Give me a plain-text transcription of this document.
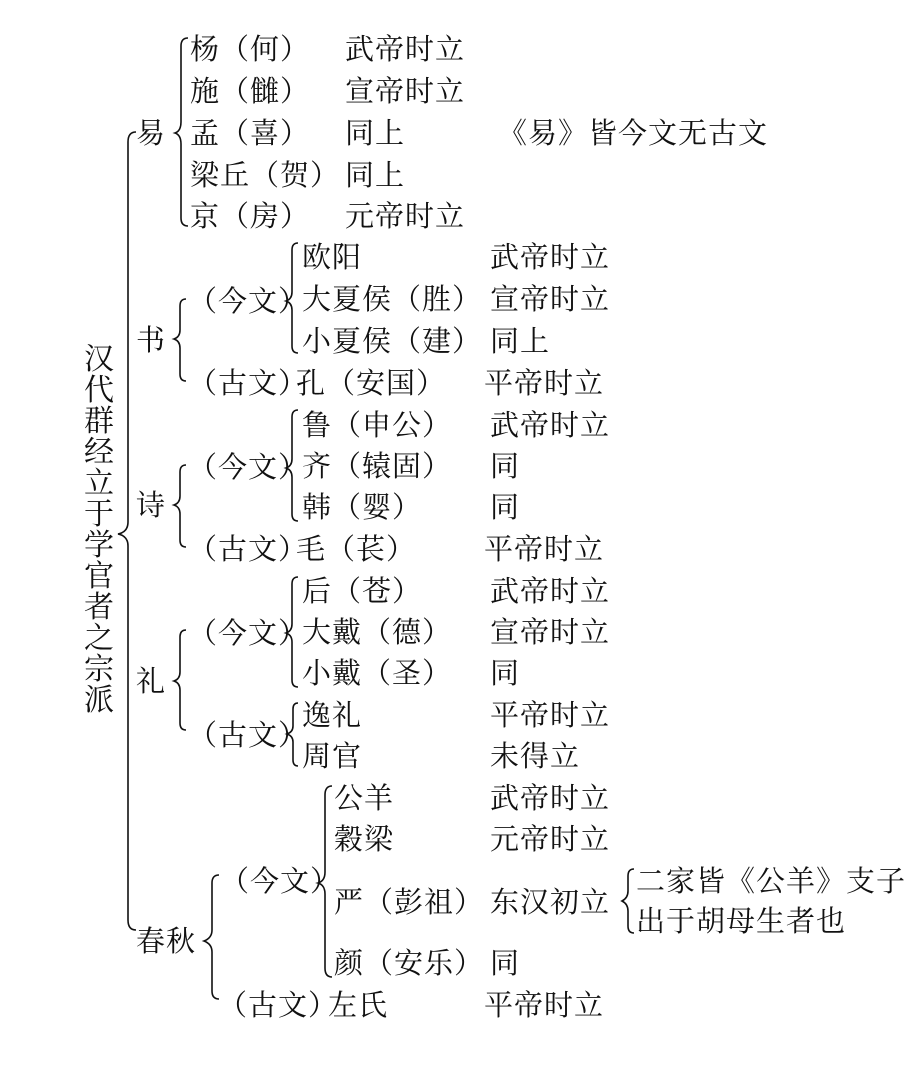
汉
代
群
经
立
于
学
官
者
之
宗
派
易
杨（何） 武帝时立
施（雠） 宣帝时立
孟（喜） 同上
梁丘（贺） 同上
京（房） 元帝时立
《易》皆今文无古文
书
（今文）
欧阳	武帝时立
大夏侯（胜） 宣帝时立
小夏侯（建） 同上
（古文）
孔（安国） 平帝时立
诗
（今文）
鲁（申公） 武帝时立
齐（辕固） 同
韩（婴） 同
（古文）
毛（苌） 平帝时立
礼
（今文）
后（苍） 武帝时立
大戴（德） 宣帝时立
小戴（圣） 同
（古文）
逸礼	平帝时立
周官	未得立
春秋
（今文）
公羊	武帝时立
穀梁	元帝时立
严（彭祖） 东汉初立
颜（安乐） 同
二家皆《公羊》支子
出于胡母生者也
（古文）
左氏	平帝时立
